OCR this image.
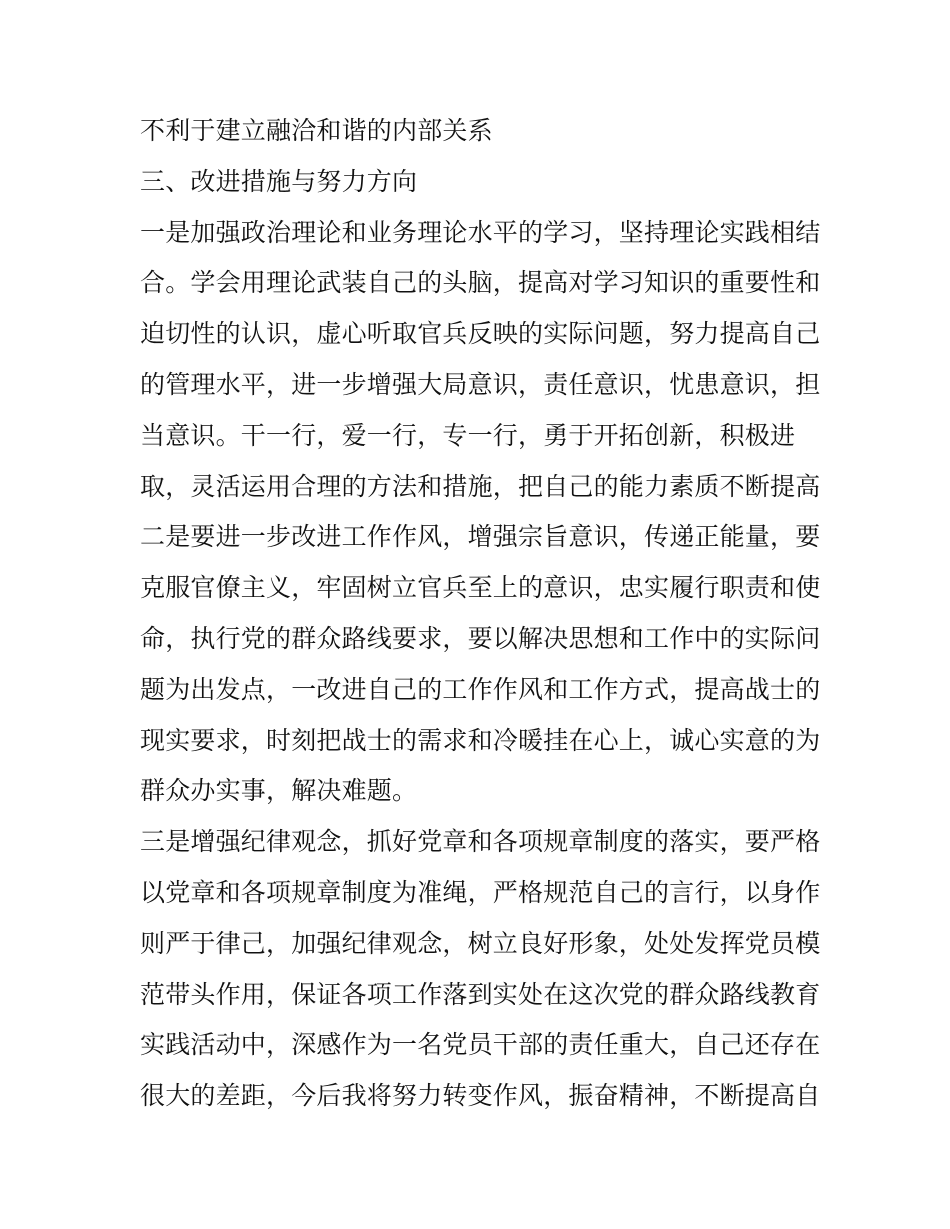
不利于建立融洽和谐的内部关系
三、改进措施与努力方向
一是加强政治理论和业务理论水平的学习，坚持理论实践相结
合。学会用理论武装自己的头脑，提高对学习知识的重要性和
迫切性的认识，虚心听取官兵反映的实际问题，努力提高自己
的管理水平，进一步增强大局意识，责任意识，忧患意识，担
当意识。干一行，爱一行，专一行，勇于开拓创新，积极进
取，灵活运用合理的方法和措施，把自己的能力素质不断提高
二是要进一步改进工作作风，增强宗旨意识，传递正能量，要
克服官僚主义，牢固树立官兵至上的意识，忠实履行职责和使
命，执行党的群众路线要求，要以解决思想和工作中的实际问
题为出发点，一改进自己的工作作风和工作方式，提高战士的
现实要求，时刻把战士的需求和冷暖挂在心上，诚心实意的为
群众办实事，解决难题。
三是增强纪律观念，抓好党章和各项规章制度的落实，要严格
以党章和各项规章制度为准绳，严格规范自己的言行，以身作
则严于律己，加强纪律观念，树立良好形象，处处发挥党员模
范带头作用，保证各项工作落到实处在这次党的群众路线教育
实践活动中，深感作为一名党员干部的责任重大，自己还存在
很大的差距，今后我将努力转变作风，振奋精神，不断提高自
